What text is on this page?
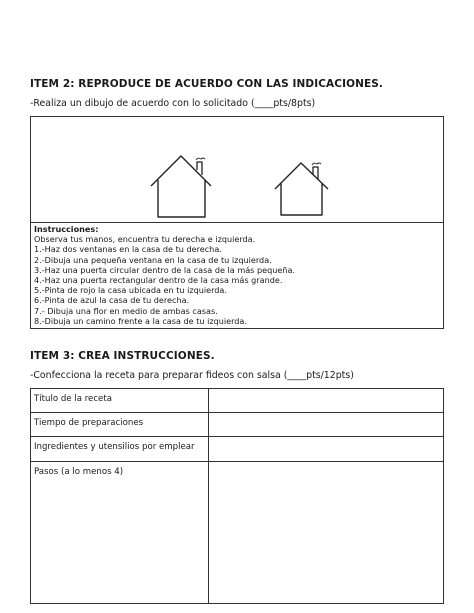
ITEM 2: REPRODUCE DE ACUERDO CON LAS INDICACIONES.
-Realiza un dibujo de acuerdo con lo solicitado (____pts/8pts)
Instrucciones:
Observa tus manos, encuentra tu derecha e izquierda.
1.-Haz dos ventanas en la casa de tu derecha.
2.-Dibuja una pequeña ventana en la casa de tu izquierda.
3.-Haz una puerta circular dentro de la casa de la más pequeña.
4.-Haz una puerta rectangular dentro de la casa más grande.
5.-Pinta de rojo la casa ubicada en tu izquierda.
6.-Pinta de azul la casa de tu derecha.
7.- Dibuja una flor en medio de ambas casas.
8.-Dibuja un camino frente a la casa de tu izquierda.
ITEM 3: CREA INSTRUCCIONES.
-Confecciona la receta para preparar fideos con salsa (____pts/12pts)
Título de la receta	
Tiempo de preparaciones	
Ingredientes y utensilios por emplear	
Pasos (a lo menos 4)	
